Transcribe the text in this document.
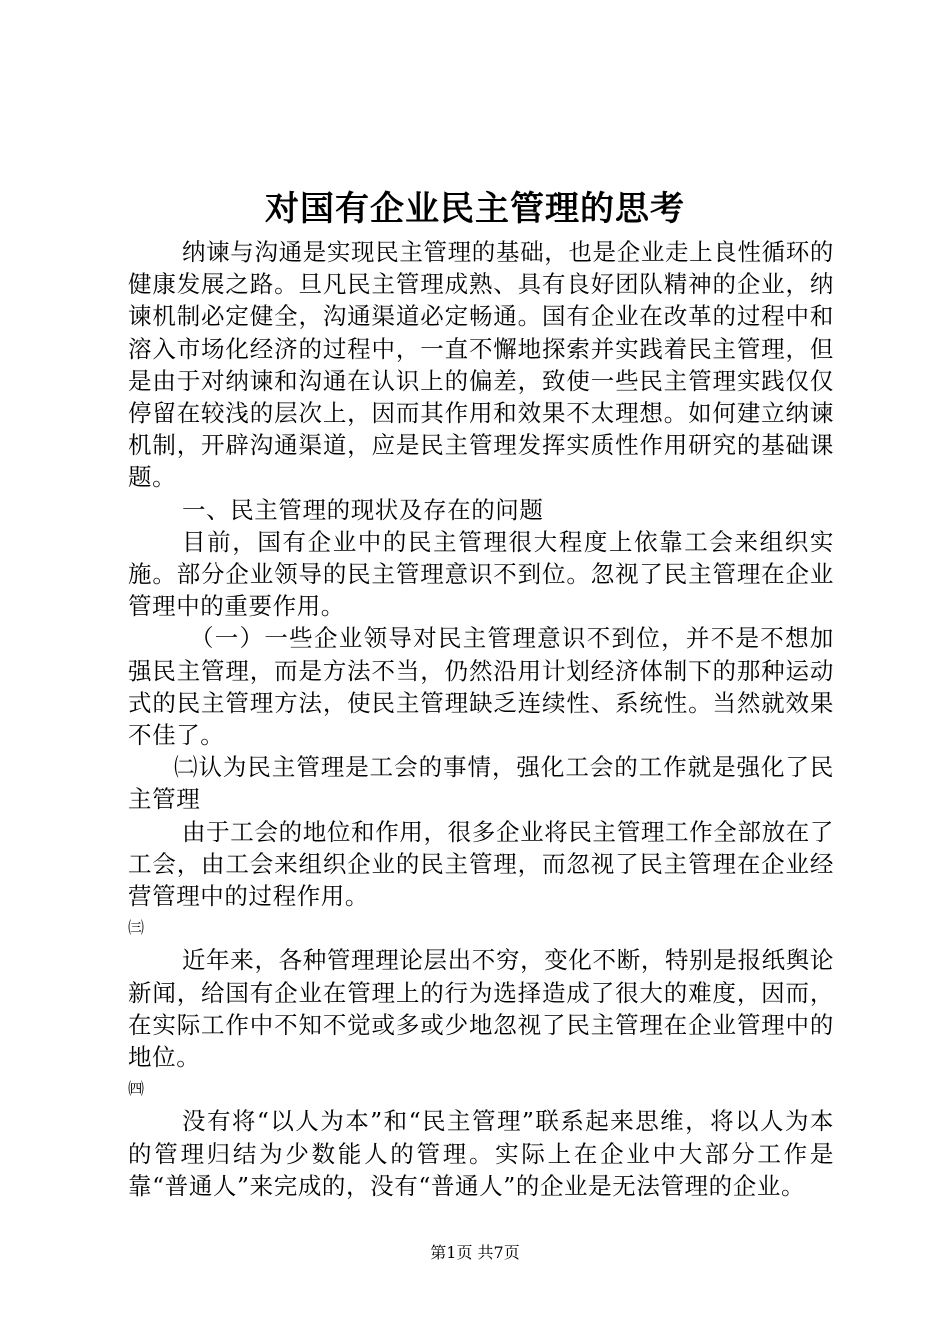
对国有企业民主管理的思考

纳谏与沟通是实现民主管理的基础，也是企业走上良性循环的健康发展之路。旦凡民主管理成熟、具有良好团队精神的企业，纳谏机制必定健全，沟通渠道必定畅通。国有企业在改革的过程中和溶入市场化经济的过程中，一直不懈地探索并实践着民主管理，但是由于对纳谏和沟通在认识上的偏差，致使一些民主管理实践仅仅停留在较浅的层次上，因而其作用和效果不太理想。如何建立纳谏机制，开辟沟通渠道，应是民主管理发挥实质性作用研究的基础课题。

一、民主管理的现状及存在的问题

目前，国有企业中的民主管理很大程度上依靠工会来组织实施。部分企业领导的民主管理意识不到位。忽视了民主管理在企业管理中的重要作用。

（一）一些企业领导对民主管理意识不到位，并不是不想加强民主管理，而是方法不当，仍然沿用计划经济体制下的那种运动式的民主管理方法，使民主管理缺乏连续性、系统性。当然就效果不佳了。

㈡认为民主管理是工会的事情，强化工会的工作就是强化了民主管理

由于工会的地位和作用，很多企业将民主管理工作全部放在了工会，由工会来组织企业的民主管理，而忽视了民主管理在企业经营管理中的过程作用。

㈢

近年来，各种管理理论层出不穷，变化不断，特别是报纸舆论新闻，给国有企业在管理上的行为选择造成了很大的难度，因而，在实际工作中不知不觉或多或少地忽视了民主管理在企业管理中的地位。

㈣

没有将“以人为本”和“民主管理”联系起来思维，将以人为本的管理归结为少数能人的管理。实际上在企业中大部分工作是靠“普通人”来完成的，没有“普通人”的企业是无法管理的企业。

第1页 共7页
